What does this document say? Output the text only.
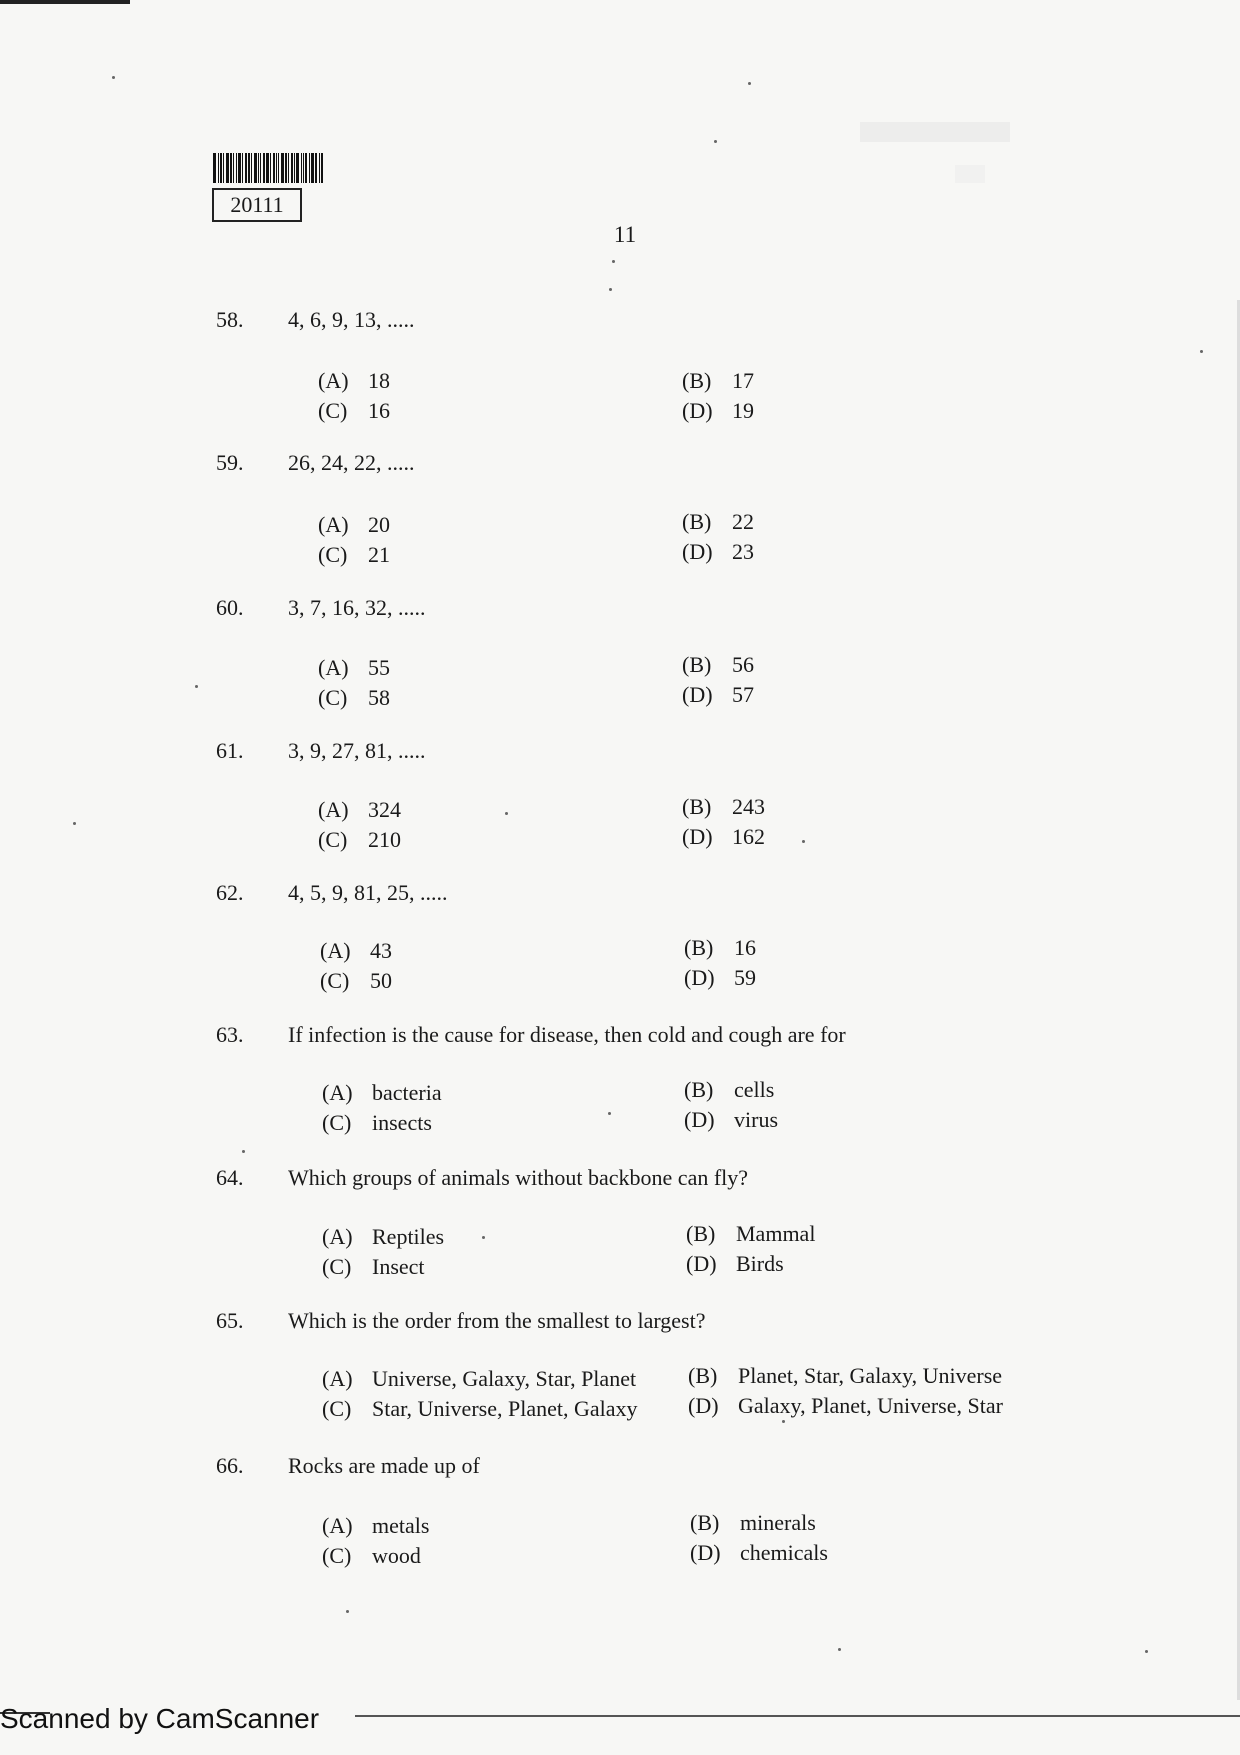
20111
11
58. 4, 6, 9, 13, .....
(A) 18	(B) 17
(C) 16	(D) 19
59. 26, 24, 22, .....
(A) 20	(B) 22
(C) 21	(D) 23
60. 3, 7, 16, 32, .....
(A) 55	(B) 56
(C) 58	(D) 57
61. 3, 9, 27, 81, .....
(A) 324	(B) 243
(C) 210	(D) 162
62. 4, 5, 9, 81, 25, .....
(A) 43	(B) 16
(C) 50	(D) 59
63. If infection is the cause for disease, then cold and cough are for
(A) bacteria	(B) cells
(C) insects	(D) virus
64. Which groups of animals without backbone can fly?
(A) Reptiles	(B) Mammal
(C) Insect	(D) Birds
65. Which is the order from the smallest to largest?
(A) Universe, Galaxy, Star, Planet (B) Planet, Star, Galaxy, Universe
(C) Star, Universe, Planet, Galaxy (D) Galaxy, Planet, Universe, Star
66. Rocks are made up of
(A) metals	(B) minerals
(C) wood	(D) chemicals
Scanned by CamScanner
